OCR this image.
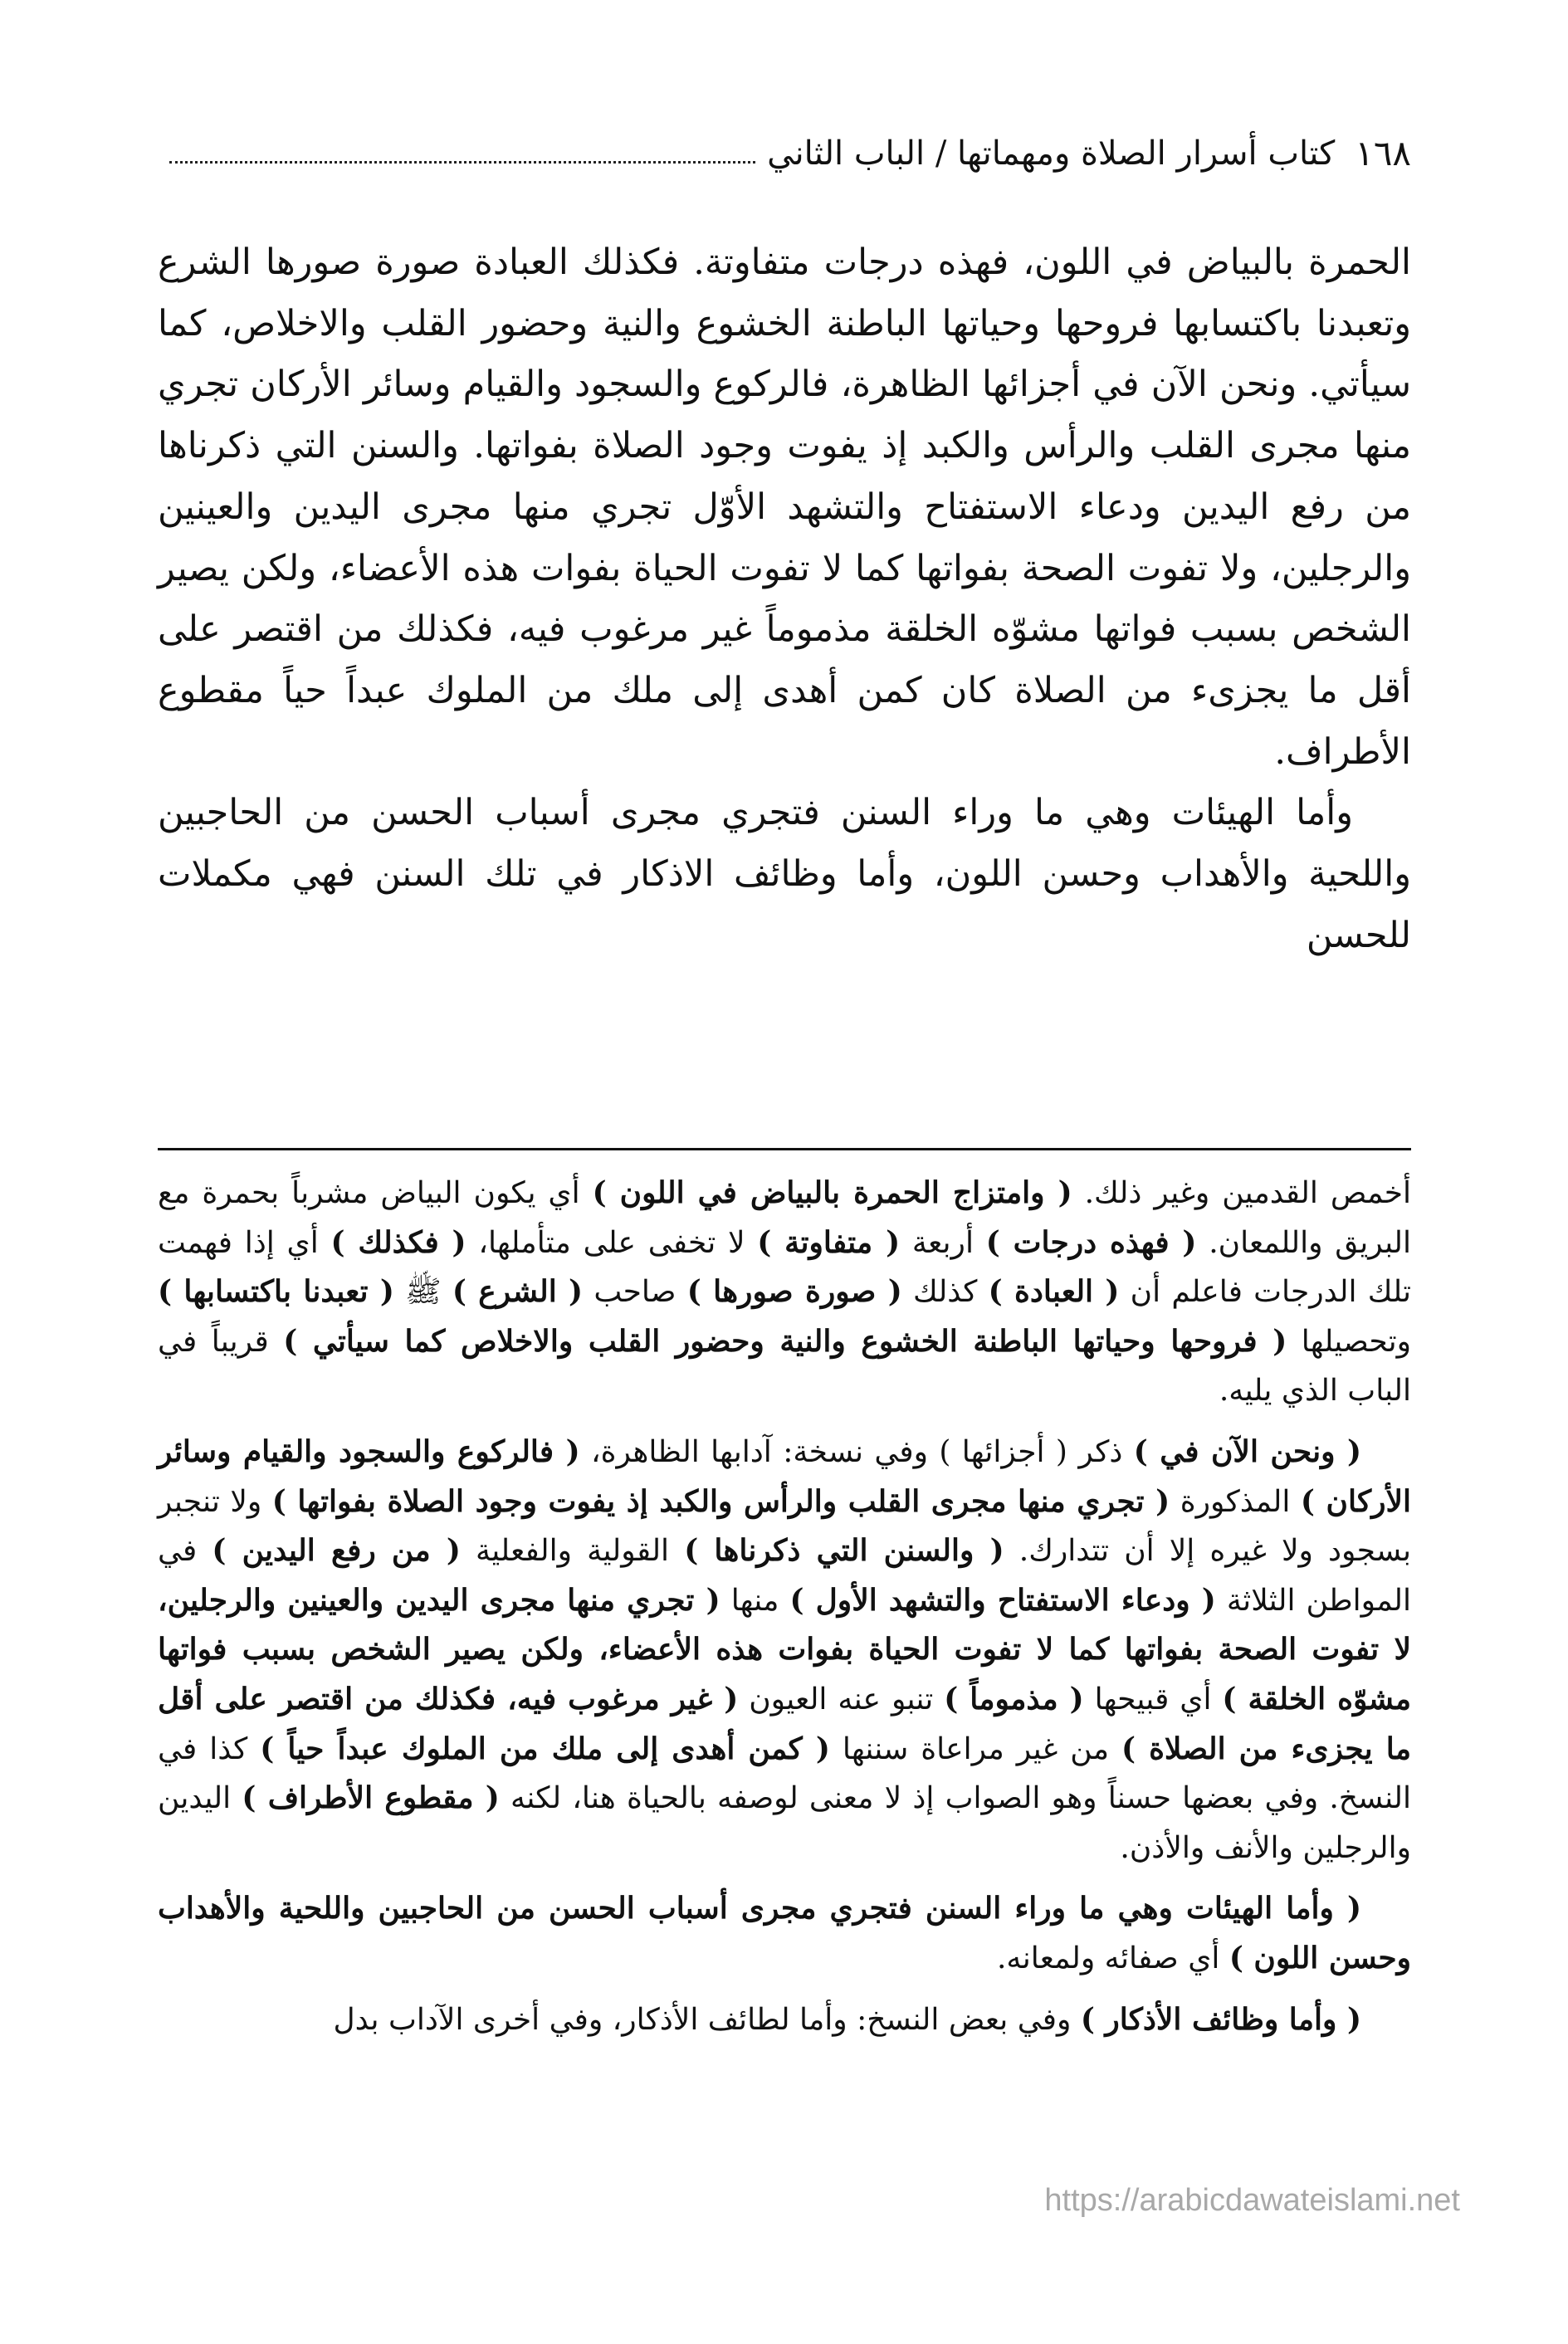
١٦٨
كتاب أسرار الصلاة ومهماتها / الباب الثاني

الحمرة بالبياض في اللون، فهذه درجات متفاوتة. فكذلك العبادة صورة صورها الشرع وتعبدنا باكتسابها فروحها وحياتها الباطنة الخشوع والنية وحضور القلب والاخلاص، كما سيأتي. ونحن الآن في أجزائها الظاهرة، فالركوع والسجود والقيام وسائر الأركان تجري منها مجرى القلب والرأس والكبد إذ يفوت وجود الصلاة بفواتها. والسنن التي ذكرناها من رفع اليدين ودعاء الاستفتاح والتشهد الأوّل تجري منها مجرى اليدين والعينين والرجلين، ولا تفوت الصحة بفواتها كما لا تفوت الحياة بفوات هذه الأعضاء، ولكن يصير الشخص بسبب فواتها مشوّه الخلقة مذموماً غير مرغوب فيه، فكذلك من اقتصر على أقل ما يجزىء من الصلاة كان كمن أهدى إلى ملك من الملوك عبداً حياً مقطوع الأطراف.

وأما الهيئات وهي ما وراء السنن فتجري مجرى أسباب الحسن من الحاجبين واللحية والأهداب وحسن اللون، وأما وظائف الاذكار في تلك السنن فهي مكملات للحسن

أخمص القدمين وغير ذلك. ( وامتزاج الحمرة بالبياض في اللون ) أي يكون البياض مشرباً بحمرة مع البريق واللمعان. ( فهذه درجات ) أربعة ( متفاوتة ) لا تخفى على متأملها، ( فكذلك ) أي إذا فهمت تلك الدرجات فاعلم أن ( العبادة ) كذلك ( صورة صورها ) صاحب ( الشرع ) ﷺ ( تعبدنا باكتسابها ) وتحصيلها ( فروحها وحياتها الباطنة الخشوع والنية وحضور القلب والاخلاص كما سيأتي ) قريباً في الباب الذي يليه.

( ونحن الآن في ) ذكر ( أجزائها ) وفي نسخة: آدابها الظاهرة، ( فالركوع والسجود والقيام وسائر الأركان ) المذكورة ( تجري منها مجرى القلب والرأس والكبد إذ يفوت وجود الصلاة بفواتها ) ولا تنجبر بسجود ولا غيره إلا أن تتدارك. ( والسنن التي ذكرناها ) القولية والفعلية ( من رفع اليدين ) في المواطن الثلاثة ( ودعاء الاستفتاح والتشهد الأول ) منها ( تجري منها مجرى اليدين والعينين والرجلين، لا تفوت الصحة بفواتها كما لا تفوت الحياة بفوات هذه الأعضاء، ولكن يصير الشخص بسبب فواتها مشوّه الخلقة ) أي قبيحها ( مذموماً ) تنبو عنه العيون ( غير مرغوب فيه، فكذلك من اقتصر على أقل ما يجزىء من الصلاة ) من غير مراعاة سننها ( كمن أهدى إلى ملك من الملوك عبداً حياً ) كذا في النسخ. وفي بعضها حسناً وهو الصواب إذ لا معنى لوصفه بالحياة هنا، لكنه ( مقطوع الأطراف ) اليدين والرجلين والأنف والأذن.

( وأما الهيئات وهي ما وراء السنن فتجري مجرى أسباب الحسن من الحاجبين واللحية والأهداب وحسن اللون ) أي صفائه ولمعانه.

( وأما وظائف الأذكار ) وفي بعض النسخ: وأما لطائف الأذكار، وفي أخرى الآداب بدل

https://arabicdawateislami.net
